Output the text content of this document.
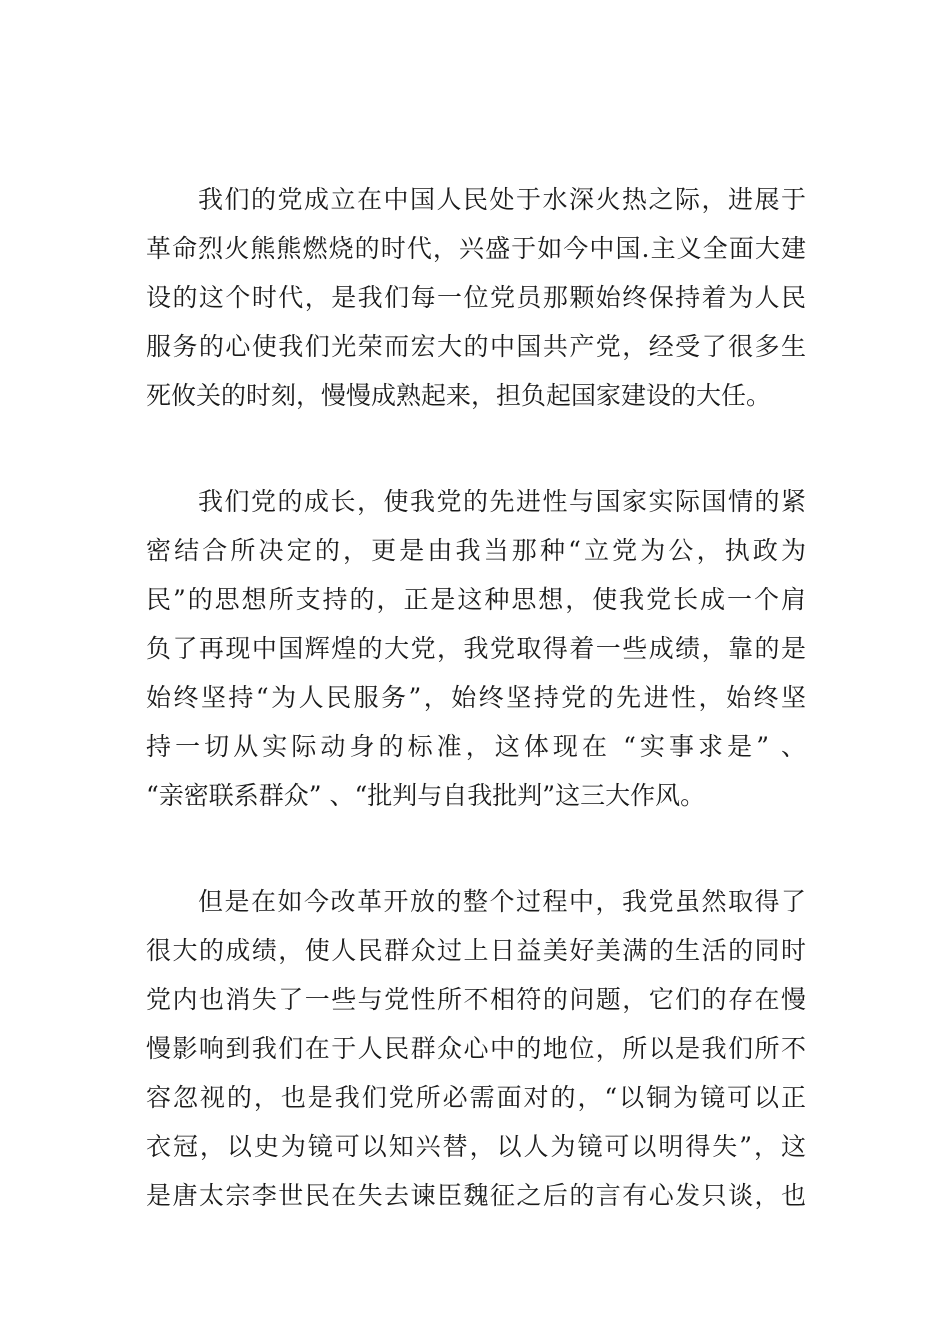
我们的党成立在中国人民处于水深火热之际，进展于
革命烈火熊熊燃烧的时代，兴盛于如今中国.主义全面大建
设的这个时代，是我们每一位党员那颗始终保持着为人民
服务的心使我们光荣而宏大的中国共产党，经受了很多生
死攸关的时刻，慢慢成熟起来，担负起国家建设的大任。
我们党的成长，使我党的先进性与国家实际国情的紧
密结合所决定的，更是由我当那种“立党为公，执政为
民”的思想所支持的，正是这种思想，使我党长成一个肩
负了再现中国辉煌的大党，我党取得着一些成绩，靠的是
始终坚持“为人民服务”，始终坚持党的先进性，始终坚
持一切从实际动身的标准，这体现在 “实事求是” 、
“亲密联系群众” 、“批判与自我批判”这三大作风。
但是在如今改革开放的整个过程中，我党虽然取得了
很大的成绩，使人民群众过上日益美好美满的生活的同时
党内也消失了一些与党性所不相符的问题，它们的存在慢
慢影响到我们在于人民群众心中的地位，所以是我们所不
容忽视的，也是我们党所必需面对的，“以铜为镜可以正
衣冠，以史为镜可以知兴替，以人为镜可以明得失”，这
是唐太宗李世民在失去谏臣魏征之后的言有心发只谈，也
